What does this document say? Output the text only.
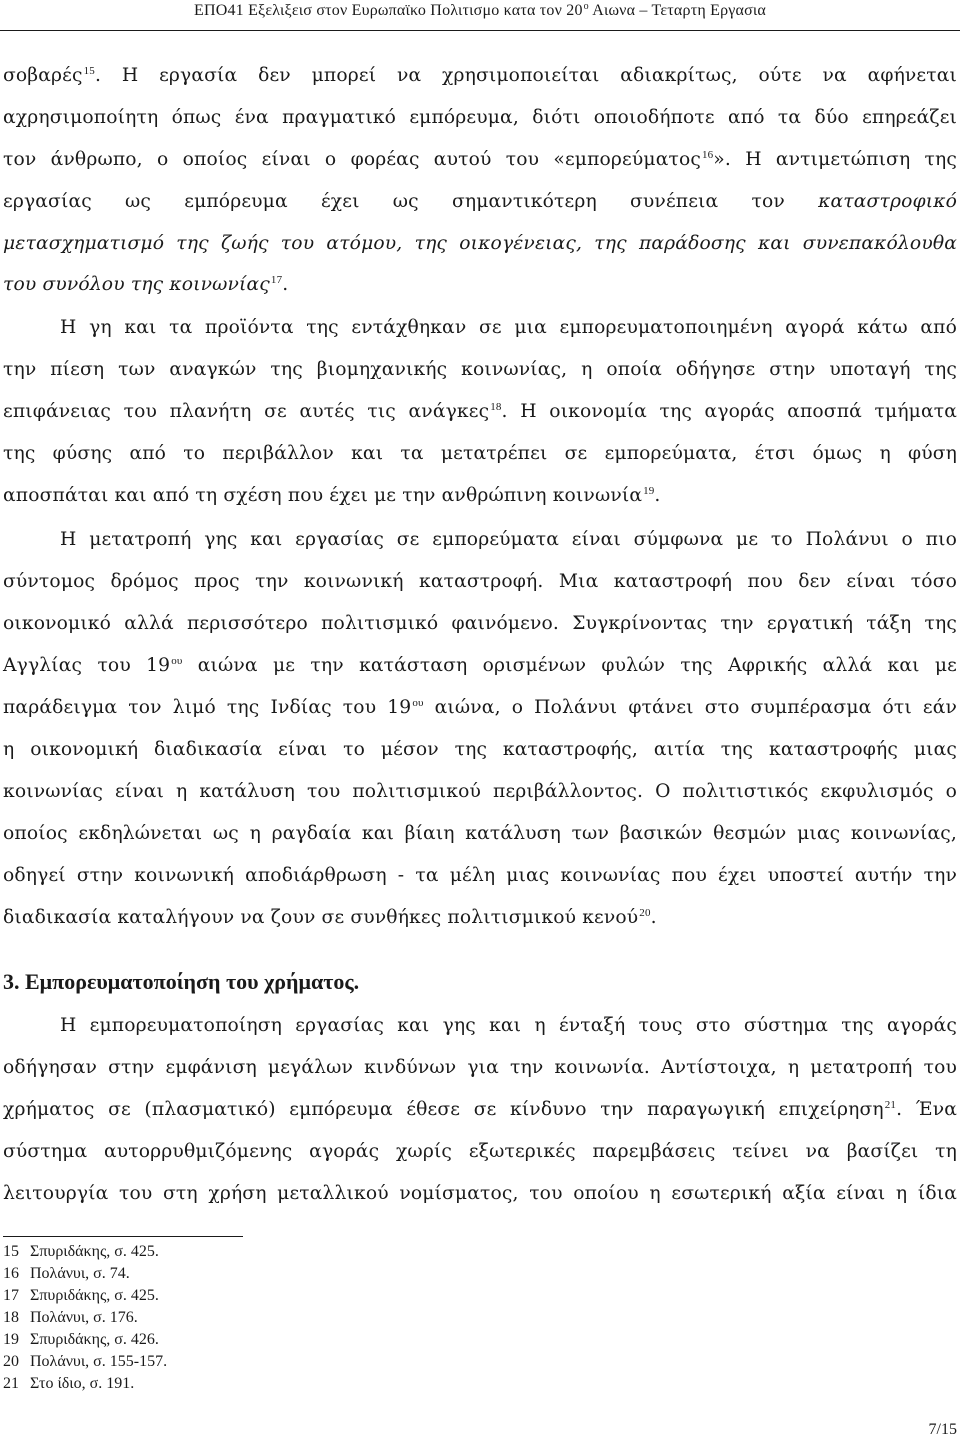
ΕΠΟ41 Εξελιξεισ στον Ευρωπαϊκο Πολιτισμο κατα τον $20^o$ Αιωνα – Τεταρτη Εργασια
σοβαρές$^{15}$. Η εργασία δεν μπορεί να χρησιμοποιείται αδιακρίτως, ούτε να αφήνεται
αχρησιμοποίητη όπως ένα πραγματικό εμπόρευμα, διότι οποιοδήποτε από τα δύο επηρεάζει
τον άνθρωπο, ο οποίος είναι ο φορέας αυτού του «εμπορεύματος$^{16}$». Η αντιμετώπιση της
εργασίας ως εμπόρευμα έχει ως σημαντικότερη συνέπεια τον καταστροφικό
μετασχηματισμό της ζωής του ατόμου, της οικογένειας, της παράδοσης και συνεπακόλουθα
του συνόλου της κοινωνίας$^{17}$.
Η γη και τα προϊόντα της εντάχθηκαν σε μια εμπορευματοποιημένη αγορά κάτω από
την πίεση των αναγκών της βιομηχανικής κοινωνίας, η οποία οδήγησε στην υποταγή της
επιφάνειας του πλανήτη σε αυτές τις ανάγκες$^{18}$. Η οικονομία της αγοράς αποσπά τμήματα
της φύσης από το περιβάλλον και τα μετατρέπει σε εμπορεύματα, έτσι όμως η φύση
αποσπάται και από τη σχέση που έχει με την ανθρώπινη κοινωνία$^{19}$.
Η μετατροπή γης και εργασίας σε εμπορεύματα είναι σύμφωνα με το Πολάνυι ο πιο
σύντομος δρόμος προς την κοινωνική καταστροφή. Μια καταστροφή που δεν είναι τόσο
οικονομικό αλλά περισσότερο πολιτισμικό φαινόμενο. Συγκρίνοντας την εργατική τάξη της
Αγγλίας του $19^{o\upsilon}$ αιώνα με την κατάσταση ορισμένων φυλών της Αφρικής αλλά και με
παράδειγμα τον λιμό της Ινδίας του $19^{o\upsilon}$ αιώνα, ο Πολάνυι φτάνει στο συμπέρασμα ότι εάν
η οικονομική διαδικασία είναι το μέσον της καταστροφής, αιτία της καταστροφής μιας
κοινωνίας είναι η κατάλυση του πολιτισμικού περιβάλλοντος. Ο πολιτιστικός εκφυλισμός ο
οποίος εκδηλώνεται ως η ραγδαία και βίαιη κατάλυση των βασικών θεσμών μιας κοινωνίας,
οδηγεί στην κοινωνική αποδιάρθρωση - τα μέλη μιας κοινωνίας που έχει υποστεί αυτήν την
διαδικασία καταλήγουν να ζουν σε συνθήκες πολιτισμικού κενού$^{20}$.
3. Εμπορευματοποίηση του χρήματος.
Η εμπορευματοποίηση εργασίας και γης και η ένταξή τους στο σύστημα της αγοράς
οδήγησαν στην εμφάνιση μεγάλων κινδύνων για την κοινωνία. Αντίστοιχα, η μετατροπή του
χρήματος σε (πλασματικό) εμπόρευμα έθεσε σε κίνδυνο την παραγωγική επιχείρηση$^{21}$. Ένα
σύστημα αυτορρυθμιζόμενης αγοράς χωρίς εξωτερικές παρεμβάσεις τείνει να βασίζει τη
λειτουργία του στη χρήση μεταλλικού νομίσματος, του οποίου η εσωτερική αξία είναι η ίδια
15 Σπυριδάκης, σ. 425.
16 Πολάνυι, σ. 74.
17 Σπυριδάκης, σ. 425.
18 Πολάνυι, σ. 176.
19 Σπυριδάκης, σ. 426.
20 Πολάνυι, σ. 155-157.
21 Στο ίδιο, σ. 191.
7/15
